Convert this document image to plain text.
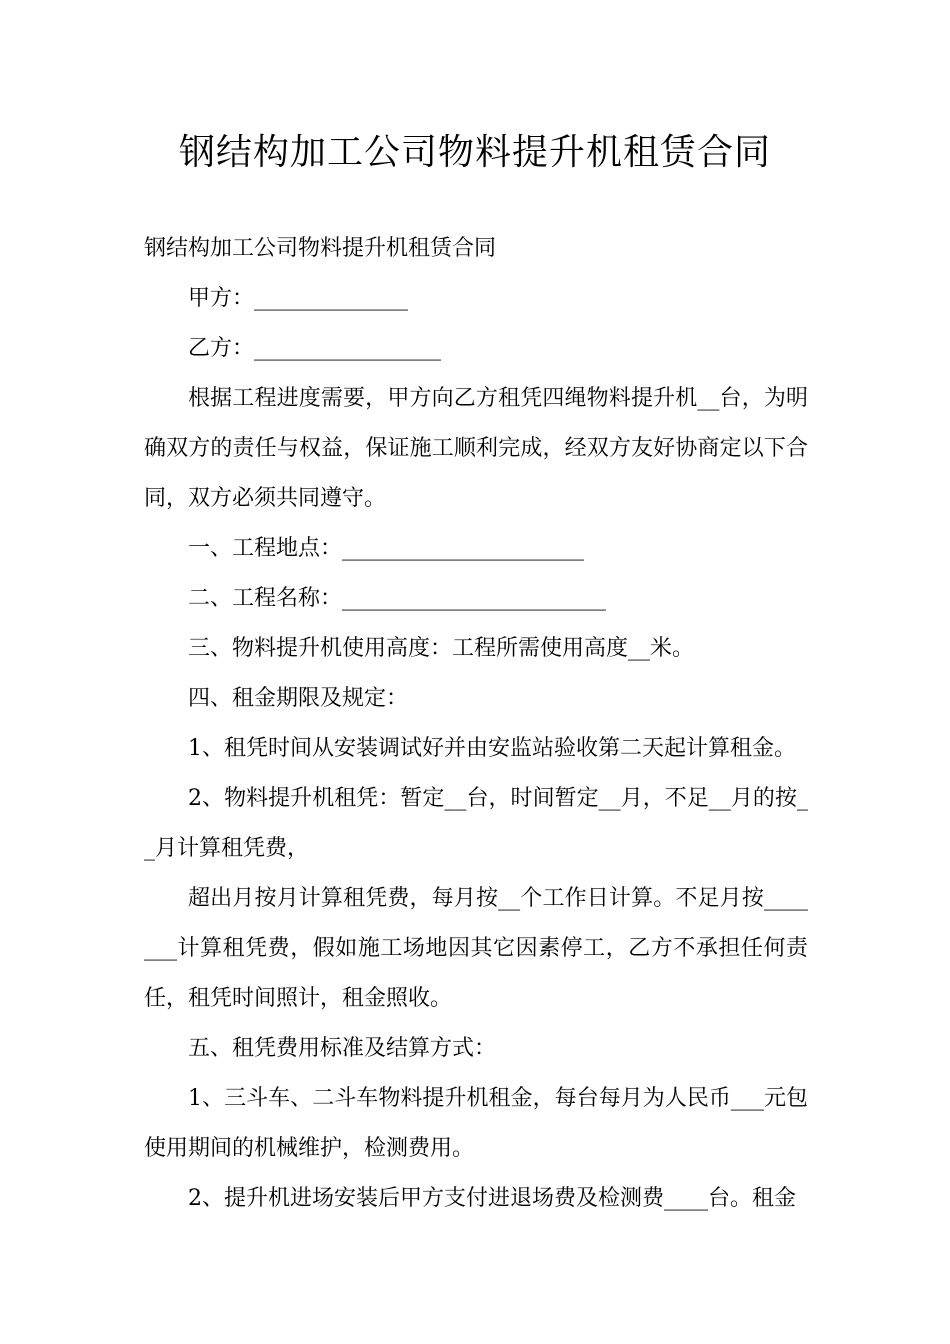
钢结构加工公司物料提升机租赁合同

钢结构加工公司物料提升机租赁合同

甲方：______________

乙方：_________________

根据工程进度需要，甲方向乙方租凭四绳物料提升机__台，为明确双方的责任与权益，保证施工顺利完成，经双方友好协商定以下合同，双方必须共同遵守。

一、工程地点：______________________

二、工程名称：________________________

三、物料提升机使用高度：工程所需使用高度__米。

四、租金期限及规定：

1、租凭时间从安装调试好并由安监站验收第二天起计算租金。

2、物料提升机租凭：暂定__台，时间暂定__月，不足__月的按__月计算租凭费，

超出月按月计算租凭费，每月按__个工作日计算。不足月按_______计算租凭费，假如施工场地因其它因素停工，乙方不承担任何责任，租凭时间照计，租金照收。

五、租凭费用标准及结算方式：

1、三斗车、二斗车物料提升机租金，每台每月为人民币___元包使用期间的机械维护，检测费用。

2、提升机进场安装后甲方支付进退场费及检测费____台。租金
